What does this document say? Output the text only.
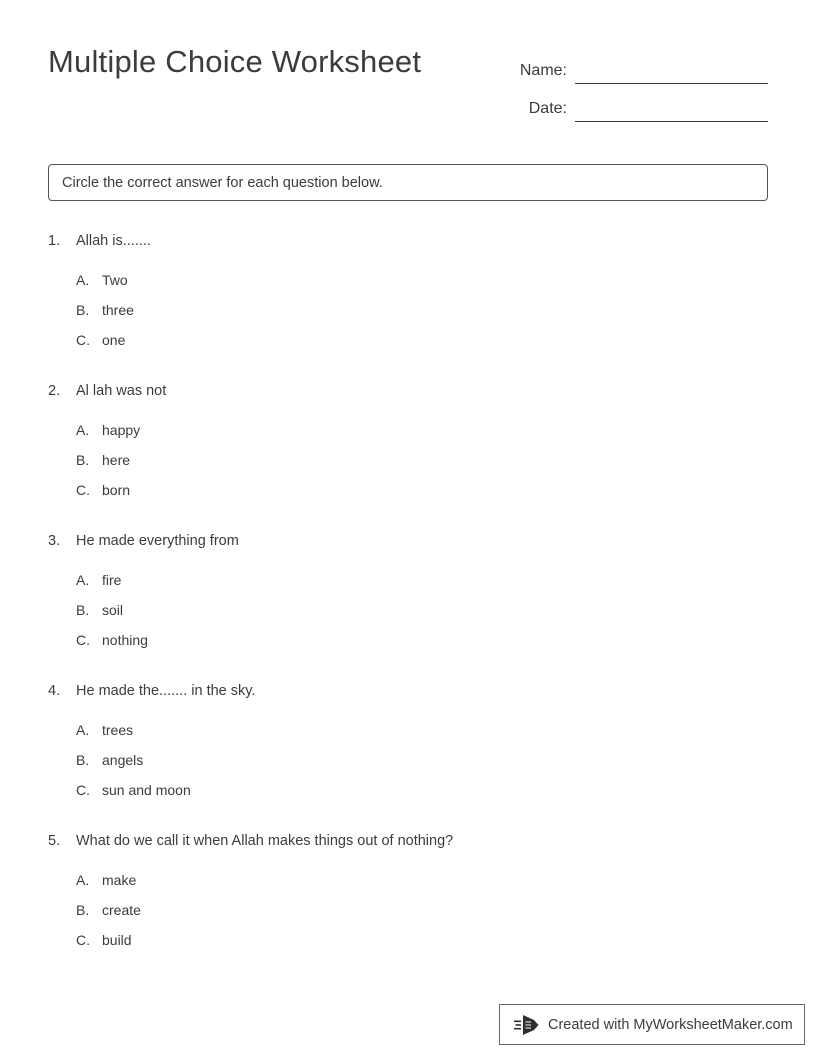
Multiple Choice Worksheet	Name:
Date:
Circle the correct answer for each question below.
1.	Allah is.......
A. Two
B. three
C. one
2.	Al lah was not
A. happy
B. here
C. born
3.	He made everything from
A. fire
B. soil
C. nothing
4.	He made the....... in the sky.
A. trees
B. angels
C. sun and moon
5.	What do we call it when Allah makes things out of nothing?
A. make
B. create
C. build
Created with MyWorksheetMaker.com
